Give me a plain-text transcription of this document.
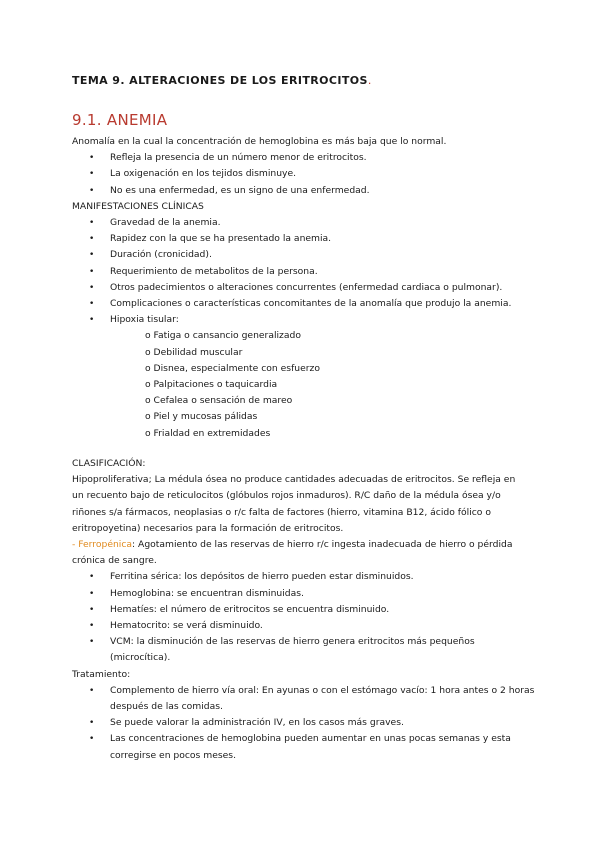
TEMA 9. ALTERACIONES DE LOS ERITROCITOS.
9.1. ANEMIA

Anomalía en la cual la concentración de hemoglobina es más baja que lo normal.

• Refleja la presencia de un número menor de eritrocitos.
• La oxigenación en los tejidos disminuye.
• No es una enfermedad, es un signo de una enfermedad.

MANIFESTACIONES CLÍNICAS

• Gravedad de la anemia.
• Rapidez con la que se ha presentado la anemia.
• Duración (cronicidad).
• Requerimiento de metabolitos de la persona.
• Otros padecimientos o alteraciones concurrentes (enfermedad cardiaca o pulmonar).
• Complicaciones o características concomitantes de la anomalía que produjo la anemia.
• Hipoxia tisular:
o Fatiga o cansancio generalizado
o Debilidad muscular
o Disnea, especialmente con esfuerzo
o Palpitaciones o taquicardia
o Cefalea o sensación de mareo
o Piel y mucosas pálidas
o Frialdad en extremidades

CLASIFICACIÓN:

Hipoproliferativa; La médula ósea no produce cantidades adecuadas de eritrocitos. Se refleja en

un recuento bajo de reticulocitos (glóbulos rojos inmaduros). R/C daño de la médula ósea y/o

riñones s/a fármacos, neoplasias o r/c falta de factores (hierro, vitamina B12, ácido fólico o

eritropoyetina) necesarios para la formación de eritrocitos.

- Ferropénica: Agotamiento de las reservas de hierro r/c ingesta inadecuada de hierro o pérdida

crónica de sangre.

• Ferritina sérica: los depósitos de hierro pueden estar disminuidos.
• Hemoglobina: se encuentran disminuidas.
• Hematíes: el número de eritrocitos se encuentra disminuido.
• Hematocrito: se verá disminuido.
• VCM: la disminución de las reservas de hierro genera eritrocitos más pequeños
(microcítica).

Tratamiento:

• Complemento de hierro vía oral: En ayunas o con el estómago vacío: 1 hora antes o 2 horas
después de las comidas.
• Se puede valorar la administración IV, en los casos más graves.
• Las concentraciones de hemoglobina pueden aumentar en unas pocas semanas y esta
corregirse en pocos meses.
